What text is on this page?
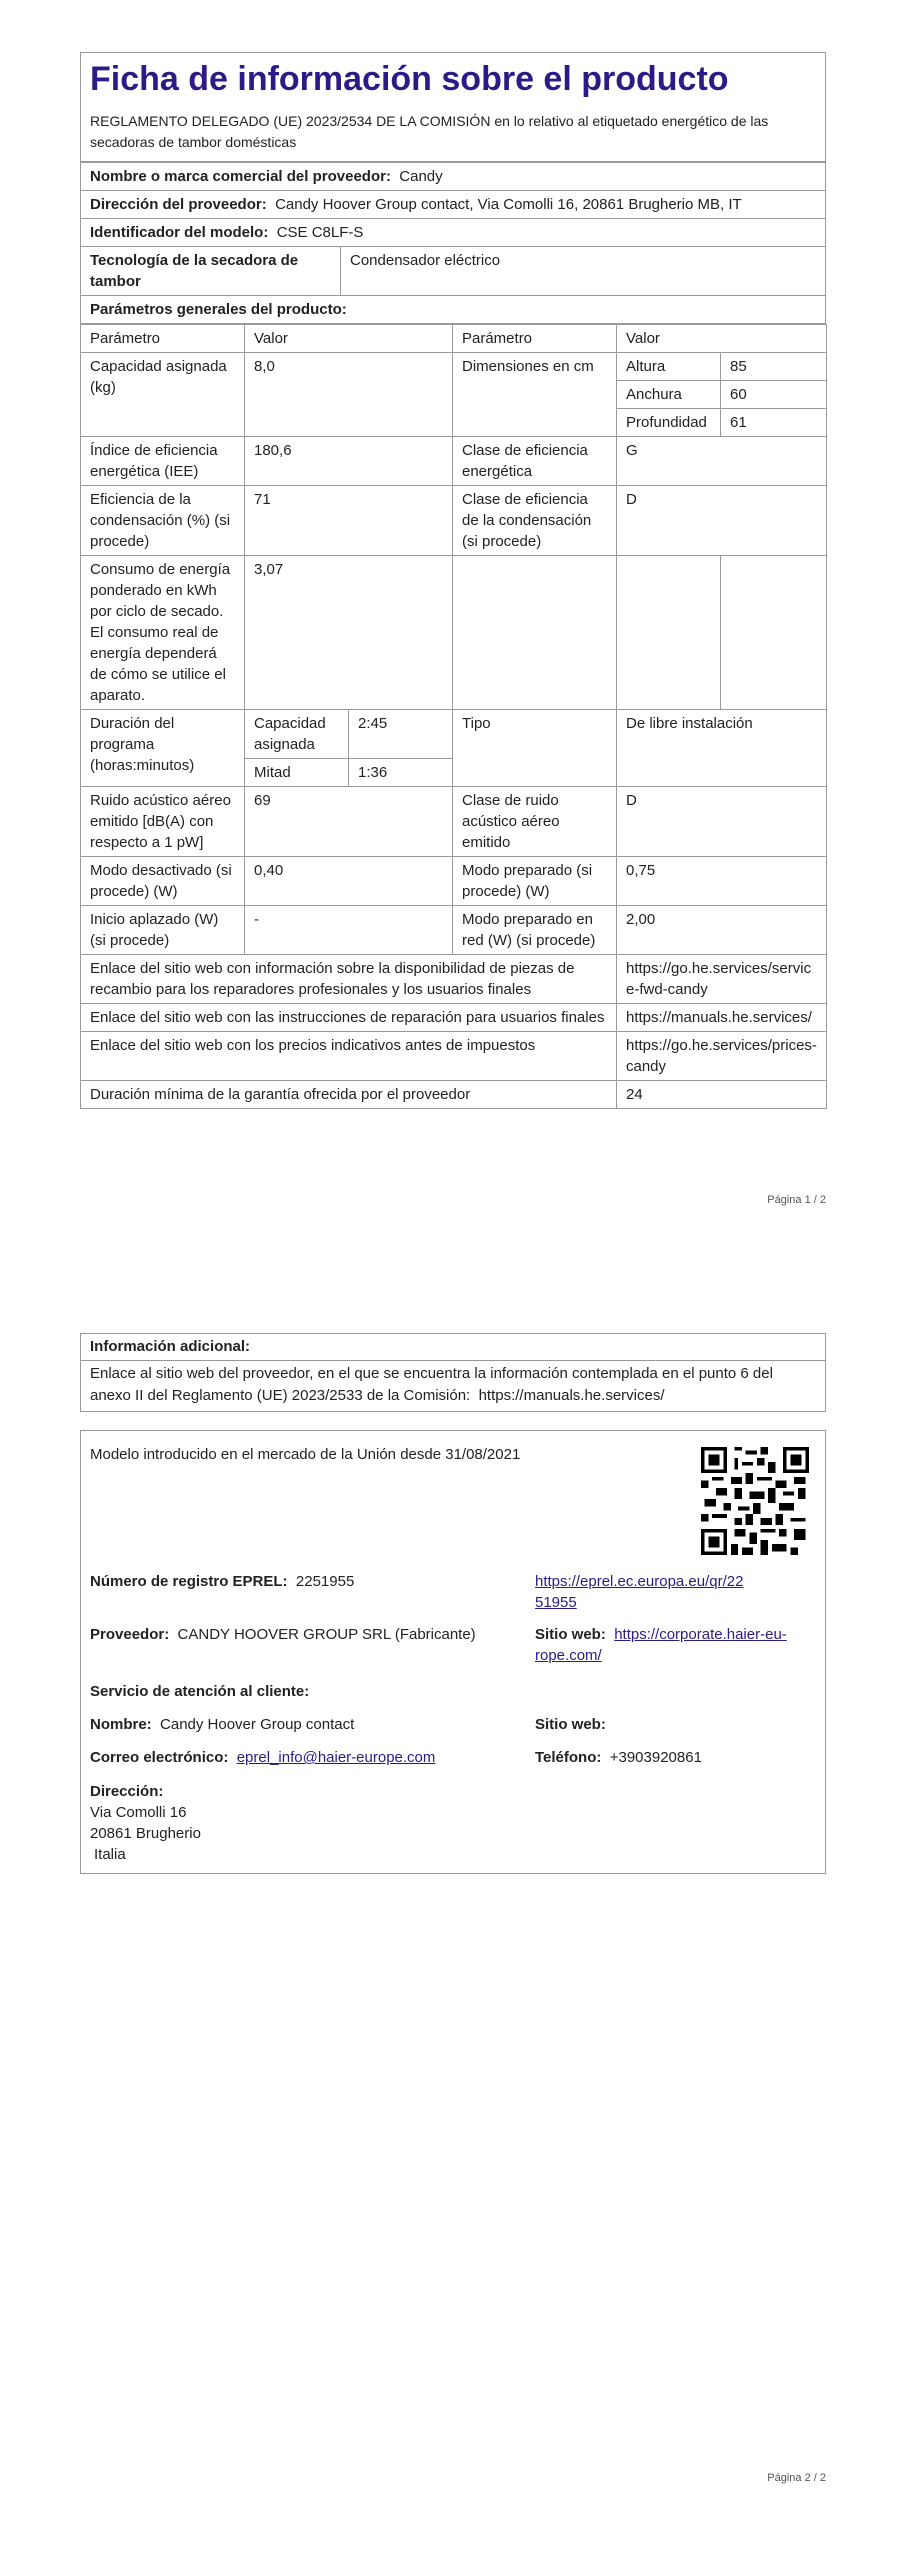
Ficha de información sobre el producto
REGLAMENTO DELEGADO (UE) 2023/2534 DE LA COMISIÓN en lo relativo al etiquetado energético de las secadoras de tambor domésticas
Nombre o marca comercial del proveedor: Candy
Dirección del proveedor: Candy Hoover Group contact, Via Comolli 16, 20861 Brugherio MB, IT
Identificador del modelo: CSE C8LF-S
Tecnología de la secadora de tambor	Condensador eléctrico
Parámetros generales del producto:
Parámetro	Valor		Parámetro	Valor	
Capacidad asignada (kg)	8,0		Dimensiones en cm	Altura	85
				Anchura	60
				Profundidad	61
Índice de eficiencia energética (IEE)	180,6		Clase de eficiencia energética	G	
Eficiencia de la condensación (%) (si procede)	71		Clase de eficiencia de la condensación (si procede)	D	
Consumo de energía ponderado en kWh por ciclo de secado. El consumo real de energía dependerá de cómo se utilice el aparato.	3,07				
Duración del programa (horas:minutos)	Capacidad asignada	2:45	Tipo	De libre instalación	
	Mitad	1:36			
Ruido acústico aéreo emitido [dB(A) con respecto a 1 pW]	69		Clase de ruido acústico aéreo emitido	D	
Modo desactivado (si procede) (W)	0,40		Modo preparado (si procede) (W)	0,75	
Inicio aplazado (W) (si procede)	-		Modo preparado en red (W) (si procede)	2,00	
Enlace del sitio web con información sobre la disponibilidad de piezas de recambio para los reparadores profesionales y los usuarios finales				https://go.he.services/service-fwd-candy	
Enlace del sitio web con las instrucciones de reparación para usuarios finales				https://manuals.he.services/	
Enlace del sitio web con los precios indicativos antes de impuestos				https://go.he.services/prices-candy	
Duración mínima de la garantía ofrecida por el proveedor				24	
Página 1 / 2
Información adicional:
Enlace al sitio web del proveedor, en el que se encuentra la información contemplada en el punto 6 del anexo II del Reglamento (UE) 2023/2533 de la Comisión: https://manuals.he.services/
Modelo introducido en el mercado de la Unión desde 31/08/2021
Número de registro EPREL: 2251955	https://eprel.ec.europa.eu/qr/22
51955
Proveedor: CANDY HOOVER GROUP SRL (Fabricante)	Sitio web: https://corporate.haier-eu-
rope.com/
Servicio de atención al cliente:
Nombre: Candy Hoover Group contact	Sitio web:
Correo electrónico: eprel_info@haier-europe.com	Teléfono: +3903920861
Dirección:
Via Comolli 16
20861 Brugherio
Italia
Página 2 / 2
